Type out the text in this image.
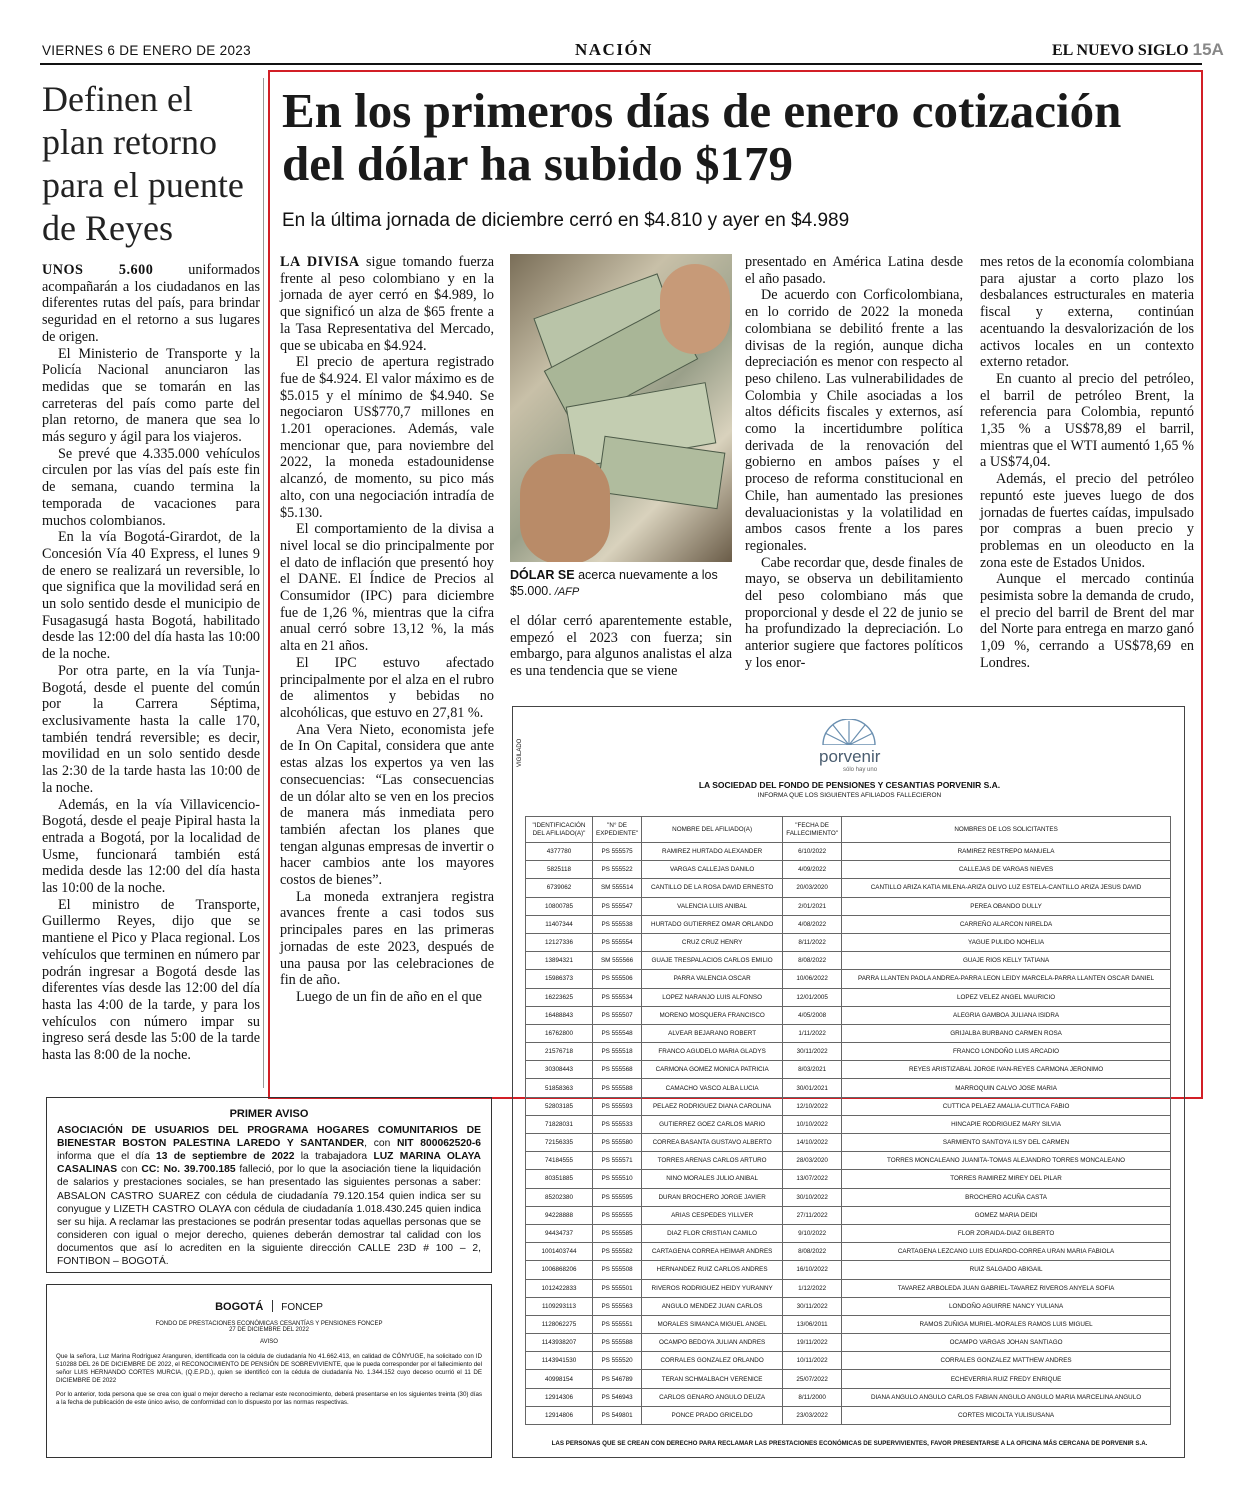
VIERNES 6 DE ENERO DE 2023	NACIÓN	EL NUEVO SIGLO 15A
Definen el plan retorno para el puente de Reyes

UNOS 5.600 uniformados acompañarán a los ciudadanos en las diferentes rutas del país, para brindar seguridad en el retorno a sus lugares de origen.

El Ministerio de Transporte y la Policía Nacional anunciaron las medidas que se tomarán en las carreteras del país como parte del plan retorno, de manera que sea lo más seguro y ágil para los viajeros.

Se prevé que 4.335.000 vehículos circulen por las vías del país este fin de semana, cuando termina la temporada de vacaciones para muchos colombianos.

En la vía Bogotá-Girardot, de la Concesión Vía 40 Express, el lunes 9 de enero se realizará un reversible, lo que significa que la movilidad será en un solo sentido desde el municipio de Fusagasugá hasta Bogotá, habilitado desde las 12:00 del día hasta las 10:00 de la noche.

Por otra parte, en la vía Tunja-Bogotá, desde el puente del común por la Carrera Séptima, exclusivamente hasta la calle 170, también tendrá reversible; es decir, movilidad en un solo sentido desde las 2:30 de la tarde hasta las 10:00 de la noche.

Además, en la vía Villavicencio-Bogotá, desde el peaje Pipiral hasta la entrada a Bogotá, por la localidad de Usme, funcionará también está medida desde las 12:00 del día hasta las 10:00 de la noche.

El ministro de Transporte, Guillermo Reyes, dijo que se mantiene el Pico y Placa regional. Los vehículos que terminen en número par podrán ingresar a Bogotá desde las diferentes vías desde las 12:00 del día hasta las 4:00 de la tarde, y para los vehículos con número impar su ingreso será desde las 5:00 de la tarde hasta las 8:00 de la noche.

En los primeros días de enero cotización del dólar ha subido $179
En la última jornada de diciembre cerró en $4.810 y ayer en $4.989

LA DIVISA sigue tomando fuerza frente al peso colombiano y en la jornada de ayer cerró en $4.989, lo que significó un alza de $65 frente a la Tasa Representativa del Mercado, que se ubicaba en $4.924.

El precio de apertura registrado fue de $4.924. El valor máximo es de $5.015 y el mínimo de $4.940. Se negociaron US$770,7 millones en 1.201 operaciones. Además, vale mencionar que, para noviembre del 2022, la moneda estadounidense alcanzó, de momento, su pico más alto, con una negociación intradía de $5.130.

El comportamiento de la divisa a nivel local se dio principalmente por el dato de inflación que presentó hoy el DANE. El Índice de Precios al Consumidor (IPC) para diciembre fue de 1,26 %, mientras que la cifra anual cerró sobre 13,12 %, la más alta en 21 años.

El IPC estuvo afectado principalmente por el alza en el rubro de alimentos y bebidas no alcohólicas, que estuvo en 27,81 %.

Ana Vera Nieto, economista jefe de In On Capital, considera que ante estas alzas los expertos ya ven las consecuencias: “Las consecuencias de un dólar alto se ven en los precios de manera más inmediata pero también afectan los planes que tengan algunas empresas de invertir o hacer cambios ante los mayores costos de bienes”.

La moneda extranjera registra avances frente a casi todos sus principales pares en las primeras jornadas de este 2023, después de una pausa por las celebraciones de fin de año.

Luego de un fin de año en el que

DÓLAR SE acerca nuevamente a los $5.000. /AFP

el dólar cerró aparentemente estable, empezó el 2023 con fuerza; sin embargo, para algunos analistas el alza es una tendencia que se viene

presentado en América Latina desde el año pasado.

De acuerdo con Corficolombiana, en lo corrido de 2022 la moneda colombiana se debilitó frente a las divisas de la región, aunque dicha depreciación es menor con respecto al peso chileno. Las vulnerabilidades de Colombia y Chile asociadas a los altos déficits fiscales y externos, así como la incertidumbre política derivada de la renovación del gobierno en ambos países y el proceso de reforma constitucional en Chile, han aumentado las presiones devaluacionistas y la volatilidad en ambos casos frente a los pares regionales.

Cabe recordar que, desde finales de mayo, se observa un debilitamiento del peso colombiano más que proporcional y desde el 22 de junio se ha profundizado la depreciación. Lo anterior sugiere que factores políticos y los enor-

mes retos de la economía colombiana para ajustar a corto plazo los desbalances estructurales en materia fiscal y externa, continúan acentuando la desvalorización de los activos locales en un contexto externo retador.

En cuanto al precio del petróleo, el barril de petróleo Brent, la referencia para Colombia, repuntó 1,35 % a US$78,89 el barril, mientras que el WTI aumentó 1,65 % a US$74,04.

Además, el precio del petróleo repuntó este jueves luego de dos jornadas de fuertes caídas, impulsado por compras a buen precio y problemas en un oleoducto en la zona este de Estados Unidos.

Aunque el mercado continúa pesimista sobre la demanda de crudo, el precio del barril de Brent del mar del Norte para entrega en marzo ganó 1,09 %, cerrando a US$78,69 en Londres.

VIGILADO	porvenir
sólo hay uno
LA SOCIEDAD DEL FONDO DE PENSIONES Y CESANTIAS PORVENIR S.A.
INFORMA QUE LOS SIGUIENTES AFILIADOS FALLECIERON
"IDENTIFICACIÓN DEL AFILIADO(A)"	"N° DE EXPEDIENTE"	NOMBRE DEL AFILIADO(A)	"FECHA DE FALLECIMIENTO"	NOMBRES DE LOS SOLICITANTES
4377780	PS 555575	RAMIREZ HURTADO ALEXANDER	6/10/2022	RAMIREZ RESTREPO MANUELA
5825118	PS 555522	VARGAS CALLEJAS DANILO	4/09/2022	CALLEJAS DE VARGAS NIEVES
6739062	SM 555514	CANTILLO DE LA ROSA DAVID ERNESTO	20/03/2020	CANTILLO ARIZA KATIA MILENA-ARIZA OLIVO LUZ ESTELA-CANTILLO ARIZA JESUS DAVID
10800785	PS 555547	VALENCIA LUIS ANIBAL	2/01/2021	PEREA OBANDO DULLY
11407344	PS 555538	HURTADO GUTIERREZ OMAR ORLANDO	4/08/2022	CARREÑO ALARCON NIRELDA
12127336	PS 555554	CRUZ CRUZ HENRY	8/11/2022	YAGUE PULIDO NOHELIA
13894321	SM 555566	GUAJE TRESPALACIOS CARLOS EMILIO	8/08/2022	GUAJE RIOS KELLY TATIANA
15986373	PS 555506	PARRA VALENCIA OSCAR	10/06/2022	PARRA LLANTEN PAOLA ANDREA-PARRA LEON LEIDY MARCELA-PARRA LLANTEN OSCAR DANIEL
16223625	PS 555534	LOPEZ NARANJO LUIS ALFONSO	12/01/2005	LOPEZ VELEZ ANGEL MAURICIO
16488843	PS 555507	MORENO MOSQUERA FRANCISCO	4/05/2008	ALEGRIA GAMBOA JULIANA ISIDRA
16762800	PS 555548	ALVEAR BEJARANO ROBERT	1/11/2022	GRIJALBA BURBANO CARMEN ROSA
21576718	PS 555518	FRANCO AGUDELO MARIA GLADYS	30/11/2022	FRANCO LONDOÑO LUIS ARCADIO
30308443	PS 555568	CARMONA GOMEZ MONICA PATRICIA	8/03/2021	REYES ARISTIZABAL JORGE IVAN-REYES CARMONA JERONIMO
51858363	PS 555588	CAMACHO VASCO ALBA LUCIA	30/01/2021	MARROQUIN CALVO JOSE MARIA
52803185	PS 555593	PELAEZ RODRIGUEZ DIANA CAROLINA	12/10/2022	CUTTICA PELAEZ AMALIA-CUTTICA FABIO
71828031	PS 555533	GUTIERREZ GOEZ CARLOS MARIO	10/10/2022	HINCAPIE RODRIGUEZ MARY SILVIA
72156335	PS 555580	CORREA BASANTA GUSTAVO ALBERTO	14/10/2022	SARMIENTO SANTOYA ILSY DEL CARMEN
74184555	PS 555571	TORRES ARENAS CARLOS ARTURO	28/03/2020	TORRES MONCALEANO JUANITA-TOMAS ALEJANDRO TORRES MONCALEANO
80351885	PS 555510	NINO MORALES JULIO ANIBAL	13/07/2022	TORRES RAMIREZ MIREY DEL PILAR
85202380	PS 555595	DURAN BROCHERO JORGE JAVIER	30/10/2022	BROCHERO ACUÑA CASTA
94228888	PS 555555	ARIAS CESPEDES YILLVER	27/11/2022	GOMEZ MARIA DEIDI
94434737	PS 555585	DIAZ FLOR CRISTIAN CAMILO	9/10/2022	FLOR ZORAIDA-DIAZ GILBERTO
1001403744	PS 555582	CARTAGENA CORREA HEIMAR ANDRES	8/08/2022	CARTAGENA LEZCANO LUIS EDUARDO-CORREA URAN MARIA FABIOLA
1006868206	PS 555508	HERNANDEZ RUIZ CARLOS ANDRES	16/10/2022	RUIZ SALGADO ABIGAIL
1012422833	PS 555501	RIVEROS RODRIGUEZ HEIDY YURANNY	1/12/2022	TAVAREZ ARBOLEDA JUAN GABRIEL-TAVAREZ RIVEROS ANYELA SOFIA
1109293113	PS 555563	ANGULO MENDEZ JUAN CARLOS	30/11/2022	LONDOÑO AGUIRRE NANCY YULIANA
1128062275	PS 555551	MORALES SIMANCA MIGUEL ANGEL	13/06/2011	RAMOS ZUÑIGA MURIEL-MORALES RAMOS LUIS MIGUEL
1143938207	PS 555588	OCAMPO BEDOYA JULIAN ANDRES	19/11/2022	OCAMPO VARGAS JOHAN SANTIAGO
1143941530	PS 555520	CORRALES GONZALEZ ORLANDO	10/11/2022	CORRALES GONZALEZ MATTHEW ANDRES
40998154	PS 546789	TERAN SCHMALBACH VERENICE	25/07/2022	ECHEVERRIA RUIZ FREDY ENRIQUE
12914306	PS 546943	CARLOS GENARO ANGULO DEUZA	8/11/2000	DIANA ANGULO ANGULO CARLOS FABIAN ANGULO ANGULO MARIA MARCELINA ANGULO
12914806	PS 549801	PONCE PRADO GRICELDO	23/03/2022	CORTES MICOLTA YULISUSANA
LAS PERSONAS QUE SE CREAN CON DERECHO PARA RECLAMAR LAS PRESTACIONES ECONÓMICAS DE SUPERVIVIENTES, FAVOR PRESENTARSE A LA OFICINA MÁS CERCANA DE PORVENIR S.A.
PRIMER AVISO
ASOCIACIÓN DE USUARIOS DEL PROGRAMA HOGARES COMUNITARIOS DE BIENESTAR BOSTON PALESTINA LAREDO Y SANTANDER, con NIT 800062520-6 informa que el día 13 de septiembre de 2022 la trabajadora LUZ MARINA OLAYA CASALINAS con CC: No. 39.700.185 falleció, por lo que la asociación tiene la liquidación de salarios y prestaciones sociales, se han presentado las siguientes personas a saber: ABSALON CASTRO SUAREZ con cédula de ciudadanía 79.120.154 quien indica ser su conyugue y LIZETH CASTRO OLAYA con cédula de ciudadanía 1.018.430.245 quien indica ser su hija. A reclamar las prestaciones se podrán presentar todas aquellas personas que se consideren con igual o mejor derecho, quienes deberán demostrar tal calidad con los documentos que así lo acrediten en la siguiente dirección CALLE 23D # 100 – 2, FONTIBON – BOGOTÁ.
BOGOTÁ FONCEP
FONDO DE PRESTACIONES ECONÓMICAS CESANTÍAS Y PENSIONES FONCEP
27 DE DICIEMBRE DEL 2022
AVISO
Que la señora, Luz Marina Rodríguez Aranguren, identificada con la cédula de ciudadanía No 41.662.413, en calidad de CÓNYUGE, ha solicitado con ID 510288 DEL 26 DE DICIEMBRE DE 2022, el RECONOCIMIENTO DE PENSIÓN DE SOBREVIVIENTE, que le pueda corresponder por el fallecimiento del señor LUIS HERNANDO CORTES MURCIA, (Q.E.P.D.), quien se identificó con la cédula de ciudadanía No. 1.344.152 cuyo deceso ocurrió el 11 DE DICIEMBRE DE 2022
Por lo anterior, toda persona que se crea con igual o mejor derecho a reclamar este reconocimiento, deberá presentarse en los siguientes treinta (30) días a la fecha de publicación de este único aviso, de conformidad con lo dispuesto por las normas respectivas.
